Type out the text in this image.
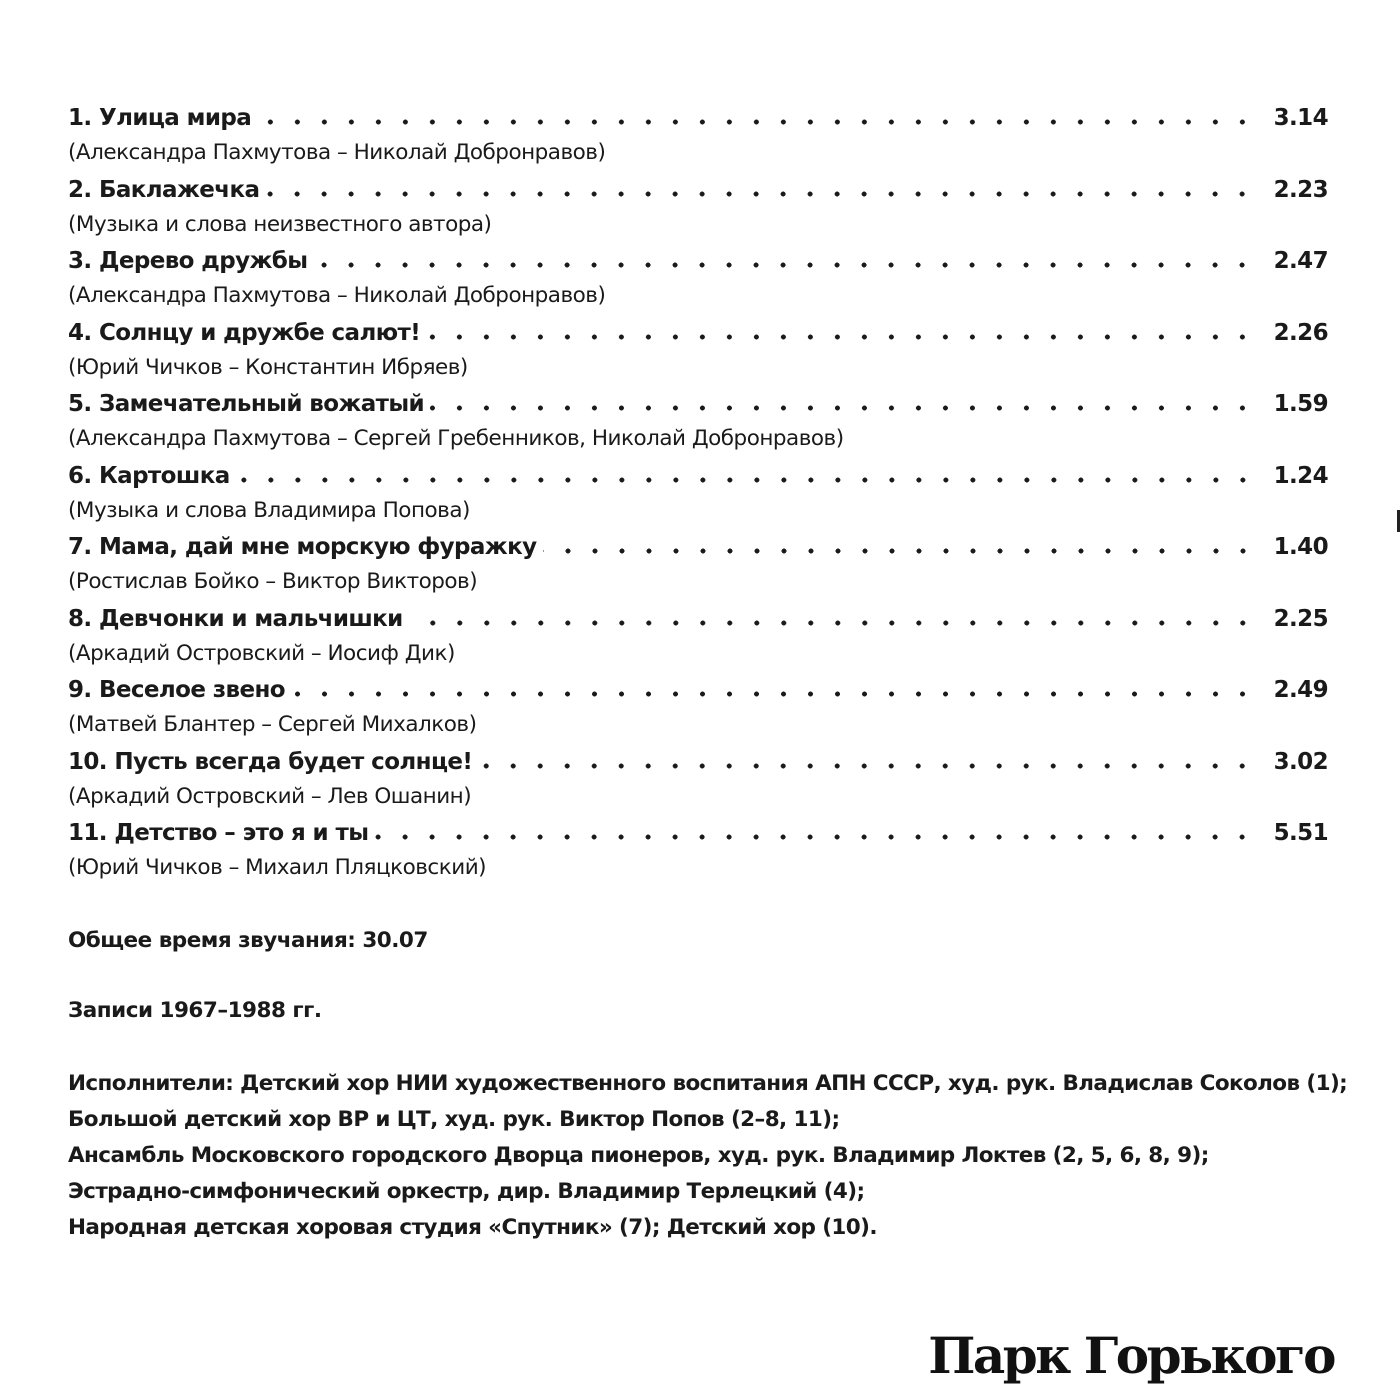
1. Улица мира	3.14
(Александра Пахмутова – Николай Добронравов)
2. Баклажечка	2.23
(Музыка и слова неизвестного автора)
3. Дерево дружбы	2.47
(Александра Пахмутова – Николай Добронравов)
4. Солнцу и дружбе салют!	2.26
(Юрий Чичков – Константин Ибряев)
5. Замечательный вожатый	1.59
(Александра Пахмутова – Сергей Гребенников, Николай Добронравов)
6. Картошка	1.24
(Музыка и слова Владимира Попова)
7. Мама, дай мне морскую фуражку	1.40
(Ростислав Бойко – Виктор Викторов)
8. Девчонки и мальчишки	2.25
(Аркадий Островский – Иосиф Дик)
9. Веселое звено	2.49
(Матвей Блантер – Сергей Михалков)
10. Пусть всегда будет солнце!	3.02
(Аркадий Островский – Лев Ошанин)
11. Детство – это я и ты	5.51
(Юрий Чичков – Михаил Пляцковский)
Общее время звучания: 30.07
Записи 1967–1988 гг.
Исполнители: Детский хор НИИ художественного воспитания АПН СССР, худ. рук. Владислав Соколов (1);
Большой детский хор ВР и ЦТ, худ. рук. Виктор Попов (2–8, 11);
Ансамбль Московского городского Дворца пионеров, худ. рук. Владимир Локтев (2, 5, 6, 8, 9);
Эстрадно-симфонический оркестр, дир. Владимир Терлецкий (4);
Народная детская хоровая студия «Спутник» (7); Детский хор (10).
Парк Горького
